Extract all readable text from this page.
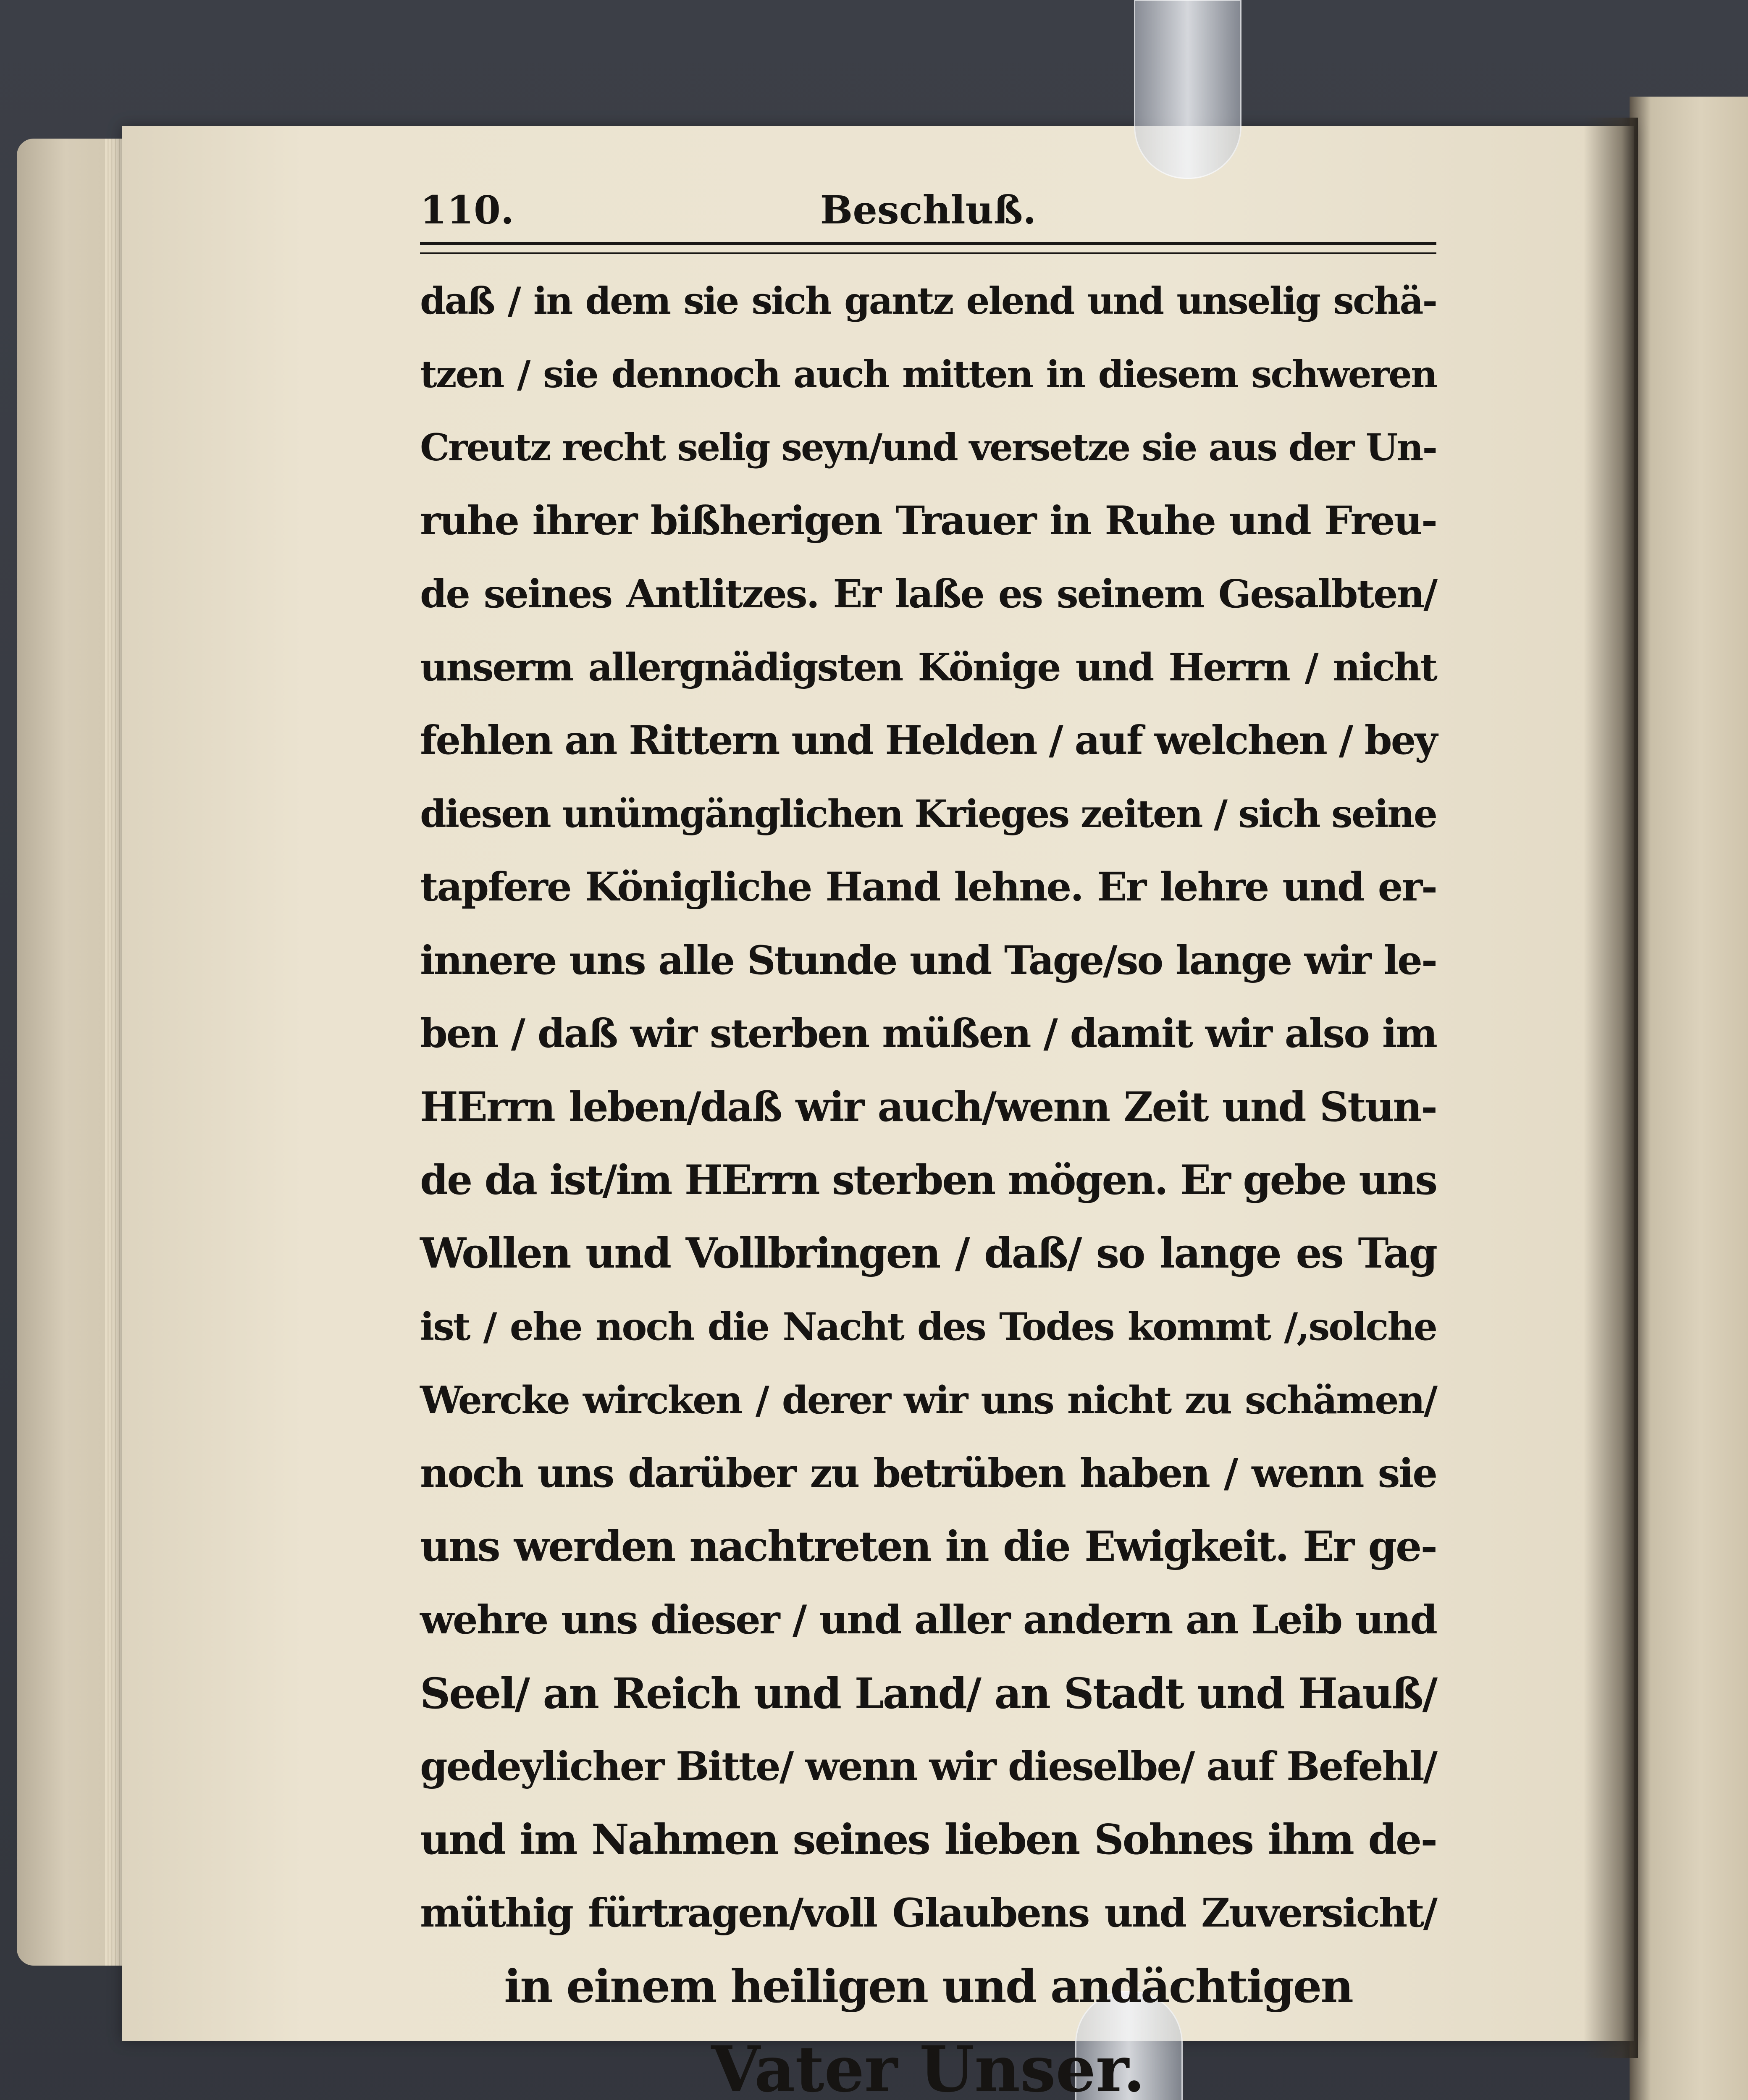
110.	Beschluß.
daß / in dem sie sich gantz elend und unselig schä-
tzen / sie dennoch auch mitten in diesem schweren
Creutz recht selig seyn/und versetze sie aus der Un-
ruhe ihrer bißherigen Trauer in Ruhe und Freu-
de seines Antlitzes. Er laße es seinem Gesalbten/
unserm allergnädigsten Könige und Herrn / nicht
fehlen an Rittern und Helden / auf welchen / bey
diesen unümgänglichen Krieges zeiten / sich seine
tapfere Königliche Hand lehne. Er lehre und er-
innere uns alle Stunde und Tage/so lange wir le-
ben / daß wir sterben müßen / damit wir also im
HErrn leben/daß wir auch/wenn Zeit und Stun-
de da ist/im HErrn sterben mögen. Er gebe uns
Wollen und Vollbringen / daß/ so lange es Tag
ist / ehe noch die Nacht des Todes kommt /,solche
Wercke wircken / derer wir uns nicht zu schämen/
noch uns darüber zu betrüben haben / wenn sie
uns werden nachtreten in die Ewigkeit. Er ge-
wehre uns dieser / und aller andern an Leib und
Seel/ an Reich und Land/ an Stadt und Hauß/
gedeylicher Bitte/ wenn wir dieselbe/ auf Befehl/
und im Nahmen seines lieben Sohnes ihm de-
müthig fürtragen/voll Glaubens und Zuversicht/
in einem heiligen und andächtigen
Vater Unser.
